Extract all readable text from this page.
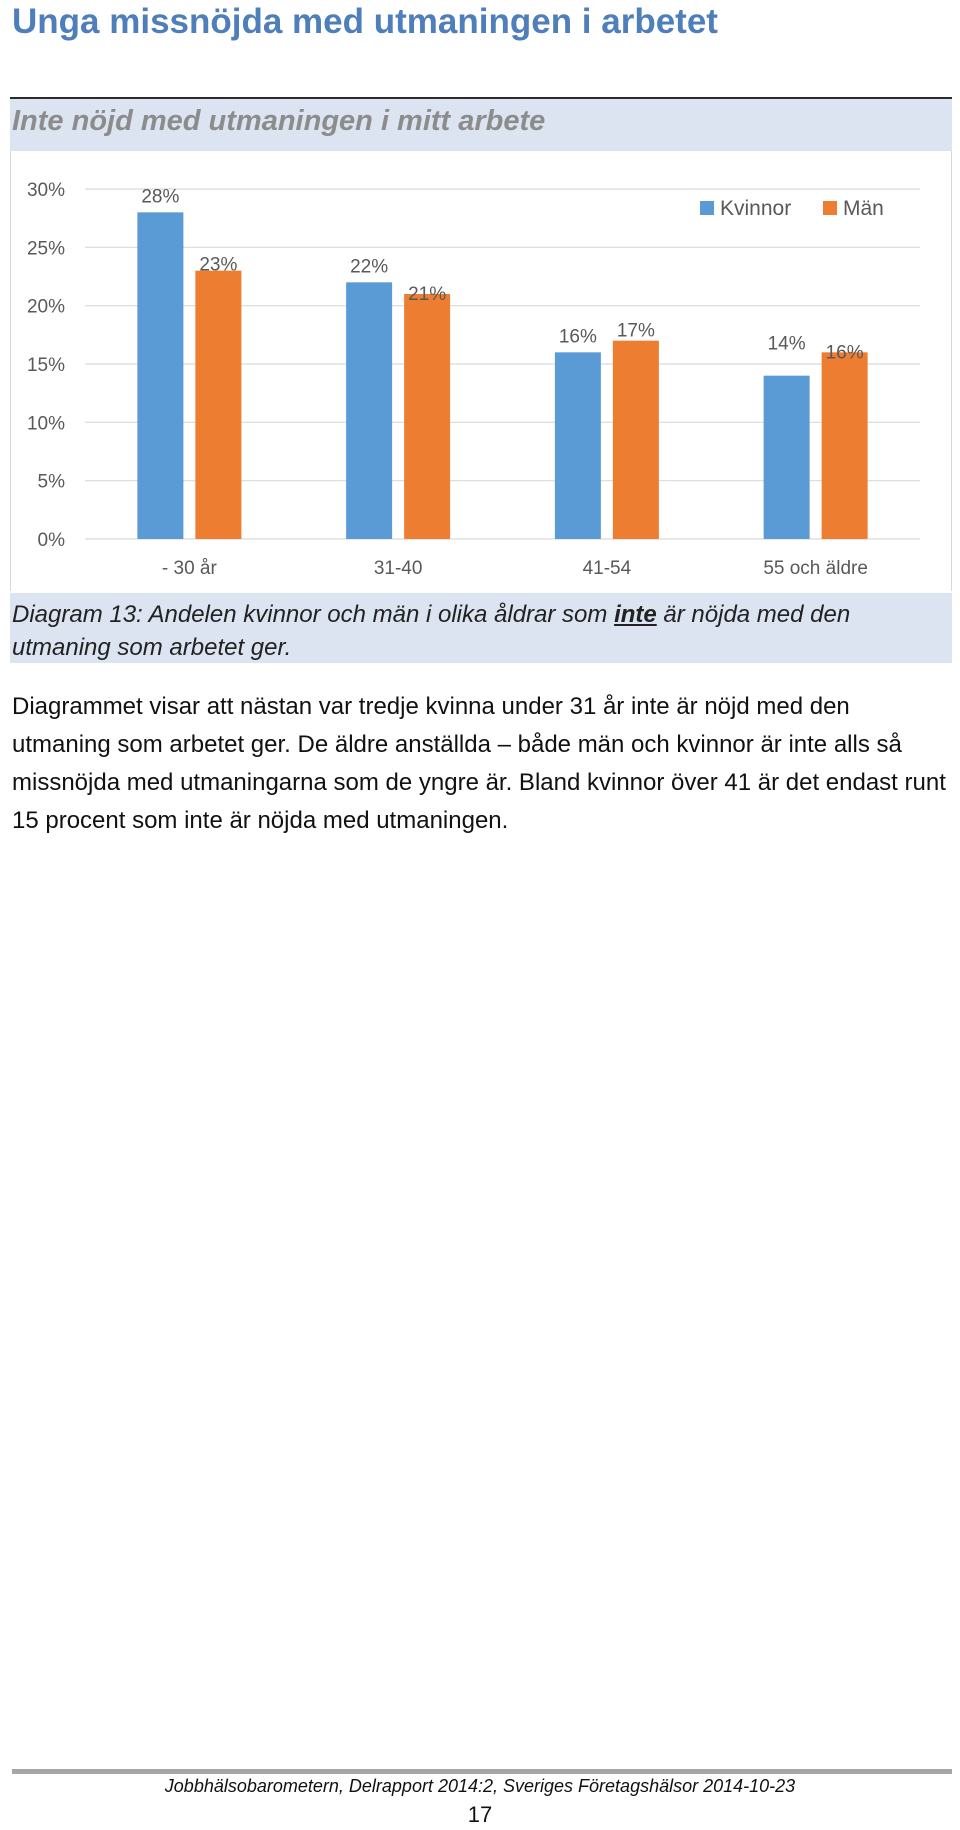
Unga missnöjda med utmaningen i arbetet
Inte nöjd med utmaningen i mitt arbete
0%
5%
10%
15%
20%
25%
30%	28%
23%
- 30 år
22%
21%
31-40
16% 17%
41-54
14% 16%
55 och äldre
Kvinnor Män
Diagram 13: Andelen kvinnor och män i olika åldrar som inte är nöjda med den utmaning som arbetet ger.
Diagrammet visar att nästan var tredje kvinna under 31 år inte är nöjd med den utmaning som arbetet ger. De äldre anställda – både män och kvinnor är inte alls så missnöjda med utmaningarna som de yngre är. Bland kvinnor över 41 är det endast runt 15 procent som inte är nöjda med utmaningen.
Jobbhälsobarometern, Delrapport 2014:2, Sveriges Företagshälsor 2014-10-23
17
